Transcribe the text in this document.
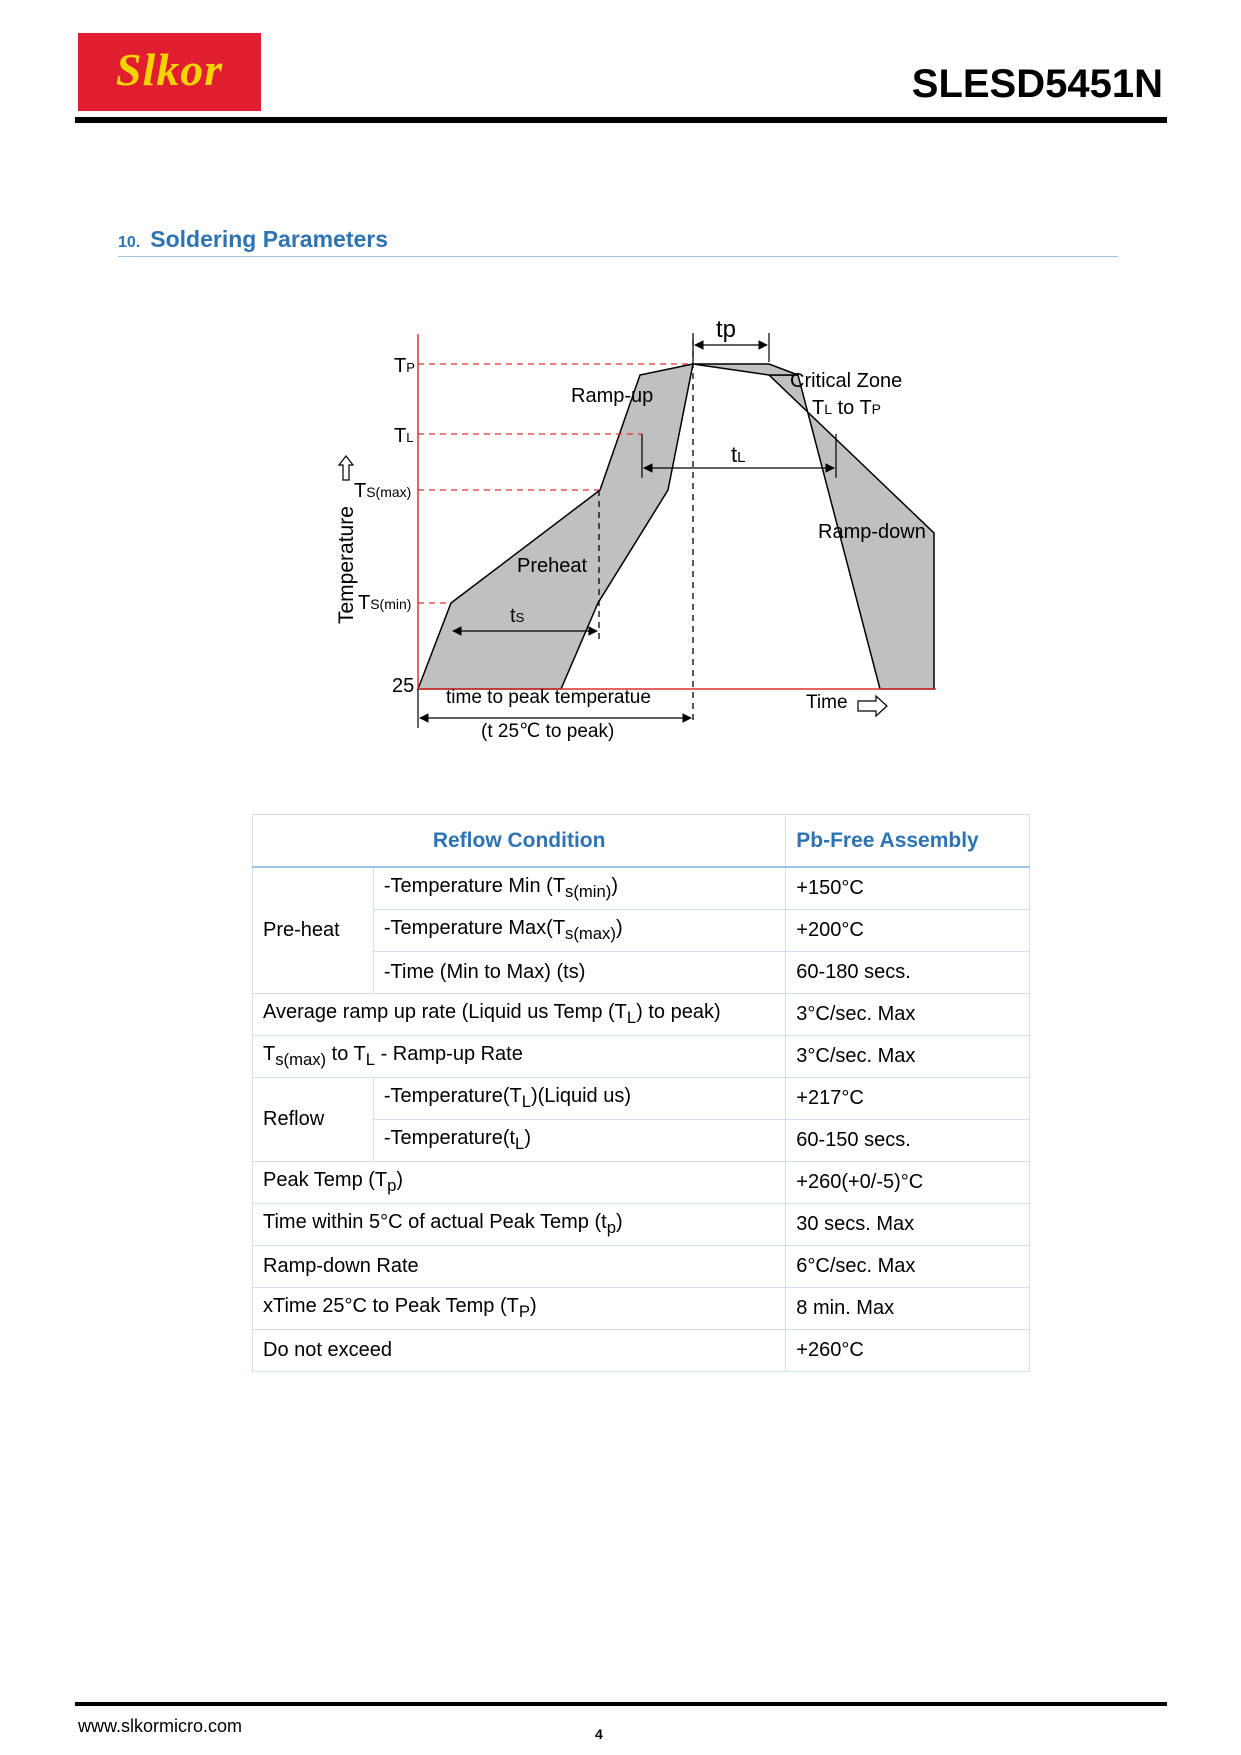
Slkor	SLESD5451N
10. Soldering Parameters
TP
TL
TS(max)
TS(min)
25
Temperature
tp
Ramp-up
Critical Zone
TL to TP
tL
Ramp-down
Preheat
tS
time to peak temperatue
(t 25℃ to peak)
Time
Reflow Condition		Pb-Free Assembly
Pre-heat	-Temperature Min $(T_{s(min)})$	+150°C
	-Temperature $Max(T_{s(max)})$	+200°C
	-Time (Min to Max) (ts)	60-180 secs.
Average ramp up rate (Liquid us Temp $(T_L)$ to peak)		3°C/sec. Max
$T_{s(max)}$ to $T_L$ - Ramp-up Rate		3°C/sec. Max
Reflow	$-Temperature(T_L)(Liquid$ us)	+217°C
	$-Temperature(t_L)$	60-150 secs.
Peak Temp $(T_p)$		+260(+0/-5)°C
Time within 5°C of actual Peak Temp $(t_p)$		30 secs. Max
Ramp-down Rate		6°C/sec. Max
xTime 25°C to Peak Temp $(T_P)$		8 min. Max
Do not exceed		+260°C
www.slkormicro.com	4
